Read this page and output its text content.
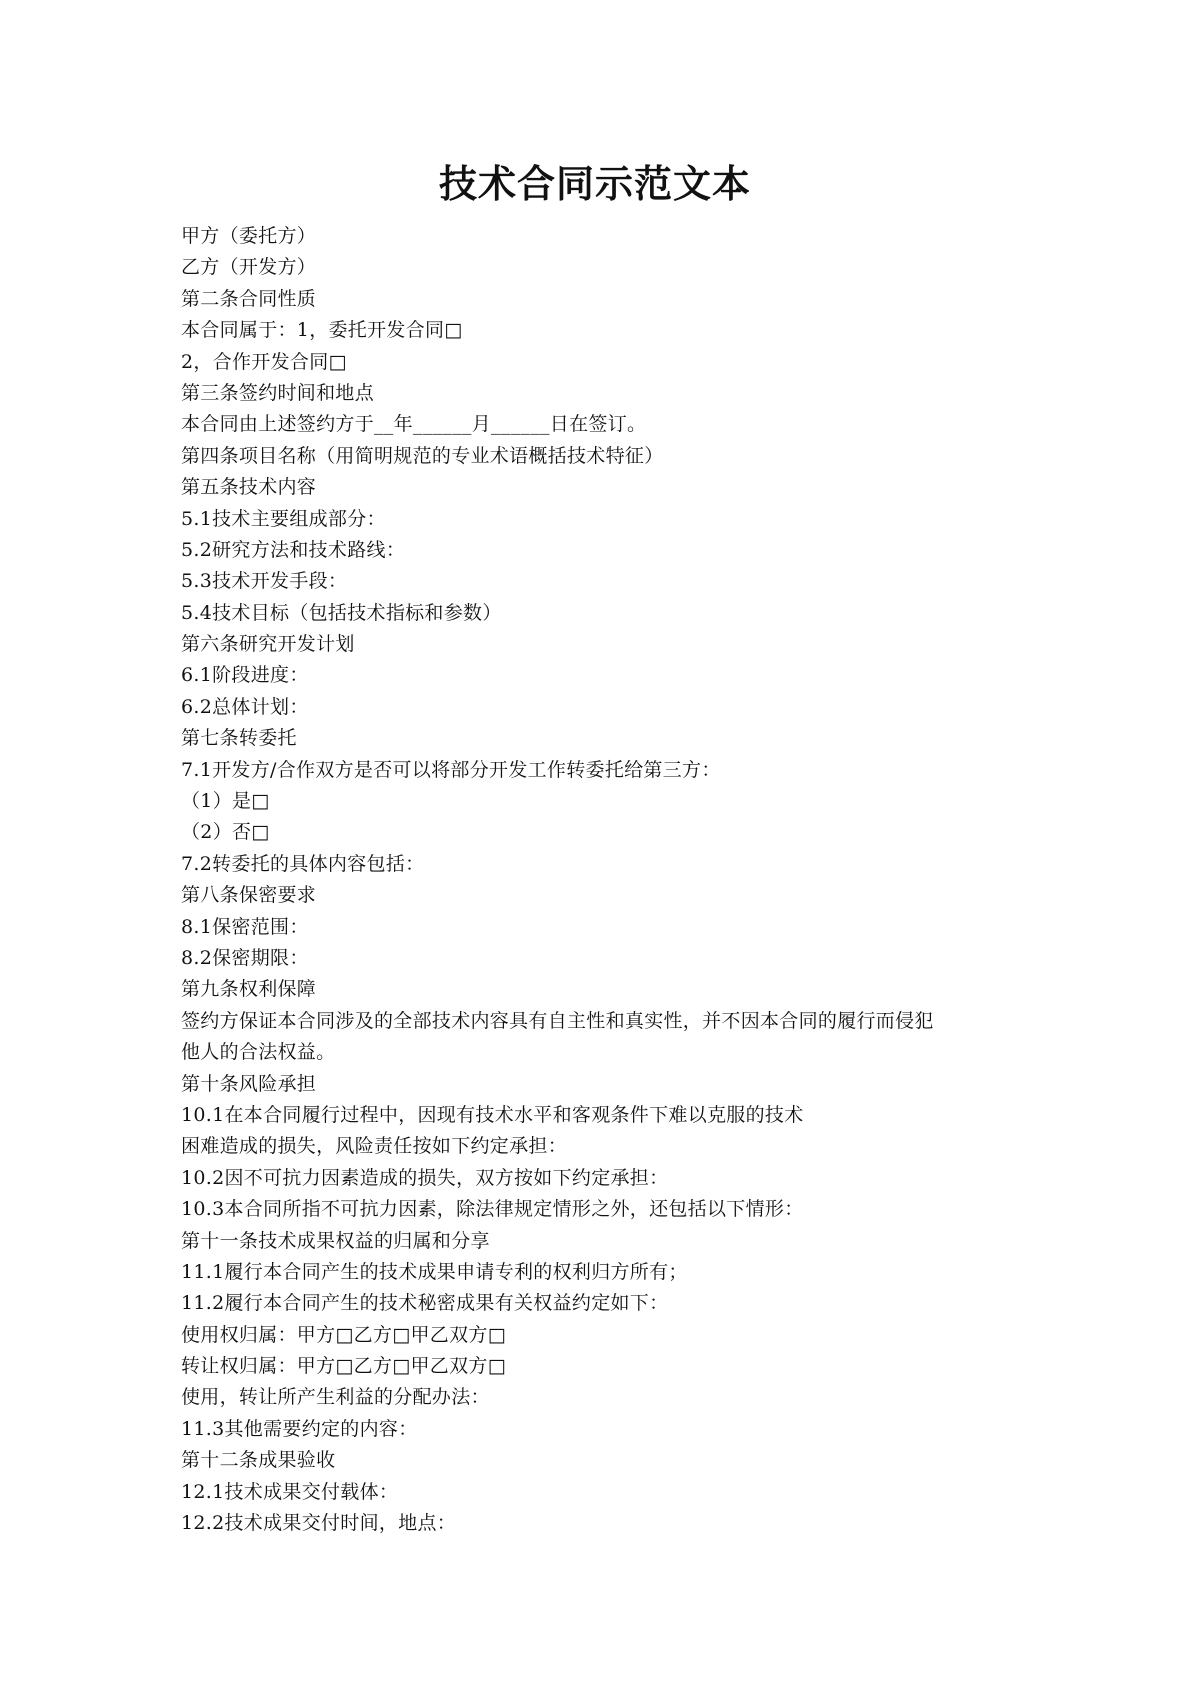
技术合同示范文本
甲方（委托方）
乙方（开发方）
第二条合同性质
本合同属于：1，委托开发合同□
2，合作开发合同□
第三条签约时间和地点
本合同由上述签约方于__年______月______日在签订。
第四条项目名称（用简明规范的专业术语概括技术特征）
第五条技术内容
5.1技术主要组成部分：
5.2研究方法和技术路线：
5.3技术开发手段：
5.4技术目标（包括技术指标和参数）
第六条研究开发计划
6.1阶段进度：
6.2总体计划：
第七条转委托
7.1开发方/合作双方是否可以将部分开发工作转委托给第三方：
（1）是□
（2）否□
7.2转委托的具体内容包括：
第八条保密要求
8.1保密范围：
8.2保密期限：
第九条权利保障
签约方保证本合同涉及的全部技术内容具有自主性和真实性，并不因本合同的履行而侵犯
他人的合法权益。
第十条风险承担
10.1在本合同履行过程中，因现有技术水平和客观条件下难以克服的技术
困难造成的损失，风险责任按如下约定承担：
10.2因不可抗力因素造成的损失，双方按如下约定承担：
10.3本合同所指不可抗力因素，除法律规定情形之外，还包括以下情形：
第十一条技术成果权益的归属和分享
11.1履行本合同产生的技术成果申请专利的权利归方所有；
11.2履行本合同产生的技术秘密成果有关权益约定如下：
使用权归属：甲方□乙方□甲乙双方□
转让权归属：甲方□乙方□甲乙双方□
使用，转让所产生利益的分配办法：
11.3其他需要约定的内容：
第十二条成果验收
12.1技术成果交付载体：
12.2技术成果交付时间，地点：
